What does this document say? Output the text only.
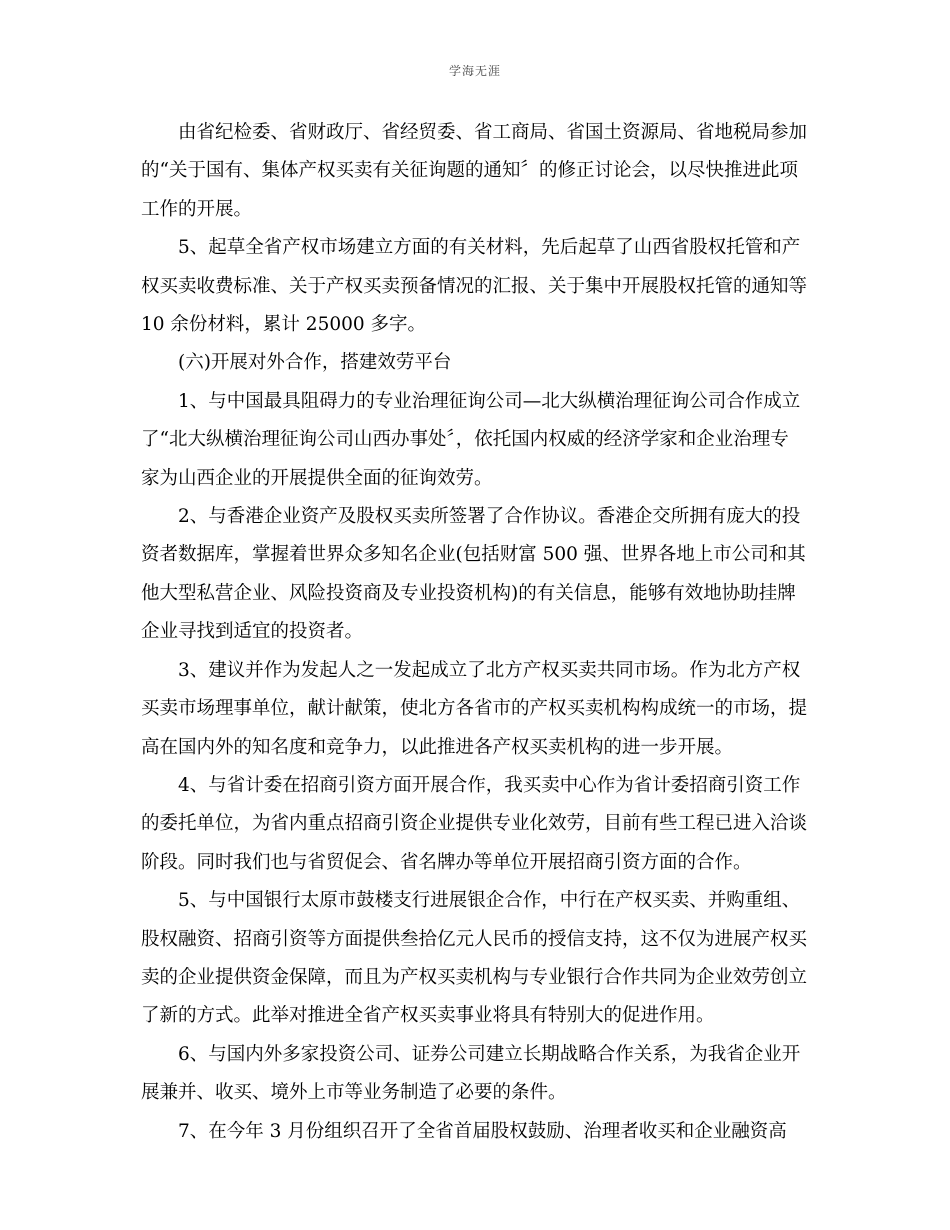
学海无涯
由省纪检委、省财政厅、省经贸委、省工商局、省国土资源局、省地税局参加
的“关于国有、集体产权买卖有关征询题的通知〞的修正讨论会，以尽快推进此项
工作的开展。
5、起草全省产权市场建立方面的有关材料，先后起草了山西省股权托管和产
权买卖收费标准、关于产权买卖预备情况的汇报、关于集中开展股权托管的通知等
10 余份材料，累计 25000 多字。
(六)开展对外合作，搭建效劳平台
1、与中国最具阻碍力的专业治理征询公司—北大纵横治理征询公司合作成立
了“北大纵横治理征询公司山西办事处〞，依托国内权威的经济学家和企业治理专
家为山西企业的开展提供全面的征询效劳。
2、与香港企业资产及股权买卖所签署了合作协议。香港企交所拥有庞大的投
资者数据库，掌握着世界众多知名企业(包括财富 500 强、世界各地上市公司和其
他大型私营企业、风险投资商及专业投资机构)的有关信息，能够有效地协助挂牌
企业寻找到适宜的投资者。
3、建议并作为发起人之一发起成立了北方产权买卖共同市场。作为北方产权
买卖市场理事单位，献计献策，使北方各省市的产权买卖机构构成统一的市场，提
高在国内外的知名度和竞争力，以此推进各产权买卖机构的进一步开展。
4、与省计委在招商引资方面开展合作，我买卖中心作为省计委招商引资工作
的委托单位，为省内重点招商引资企业提供专业化效劳，目前有些工程已进入洽谈
阶段。同时我们也与省贸促会、省名牌办等单位开展招商引资方面的合作。
5、与中国银行太原市鼓楼支行进展银企合作，中行在产权买卖、并购重组、
股权融资、招商引资等方面提供叁拾亿元人民币的授信支持，这不仅为进展产权买
卖的企业提供资金保障，而且为产权买卖机构与专业银行合作共同为企业效劳创立
了新的方式。此举对推进全省产权买卖事业将具有特别大的促进作用。
6、与国内外多家投资公司、证券公司建立长期战略合作关系，为我省企业开
展兼并、收买、境外上市等业务制造了必要的条件。
7、在今年 3 月份组织召开了全省首届股权鼓励、治理者收买和企业融资高
